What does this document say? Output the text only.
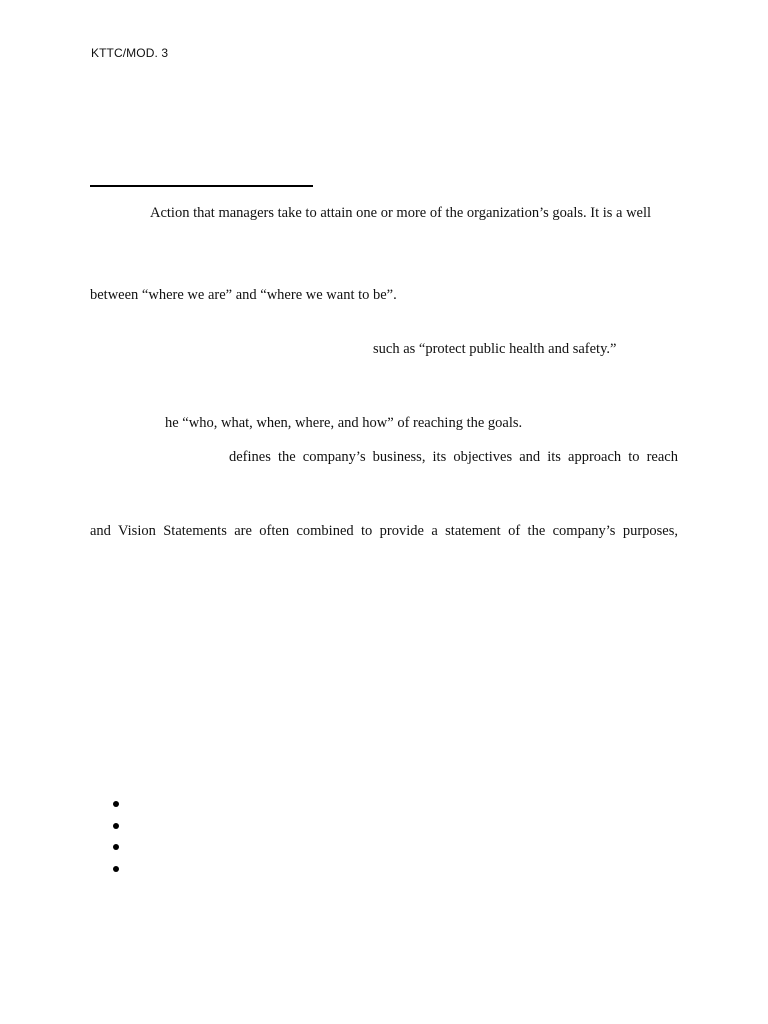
KTTC/MOD. 3
Action that managers take to attain one or more of the organization’s goals. It is a well
between “where we are” and “where we want to be”.
such as “protect public health and safety.”
he “who, what, when, where, and how” of reaching the goals.
defines the company’s business, its objectives and its approach to reach
and Vision Statements are often combined to provide a statement of the company’s purposes,
